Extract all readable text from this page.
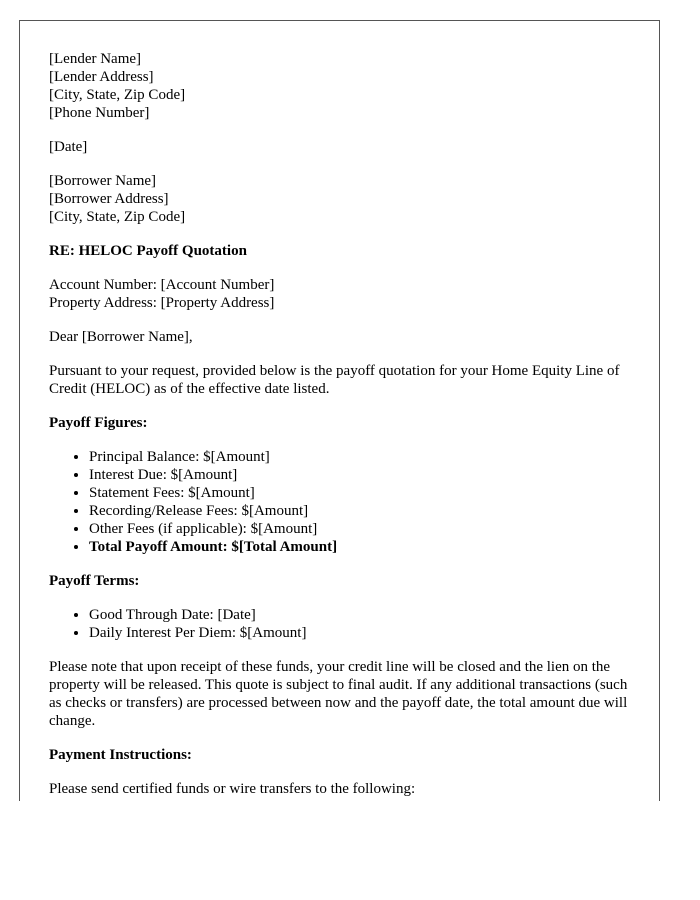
[Lender Name]
[Lender Address]
[City, State, Zip Code]
[Phone Number]
[Date]
[Borrower Name]
[Borrower Address]
[City, State, Zip Code]
RE: HELOC Payoff Quotation
Account Number: [Account Number]
Property Address: [Property Address]

Dear [Borrower Name],

Pursuant to your request, provided below is the payoff quotation for your Home Equity Line of Credit (HELOC) as of the effective date listed.

Payoff Figures:
• Principal Balance: $[Amount]
• Interest Due: $[Amount]
• Statement Fees: $[Amount]
• Recording/Release Fees: $[Amount]
• Other Fees (if applicable): $[Amount]
• Total Payoff Amount: $[Total Amount]
Payoff Terms:
• Good Through Date: [Date]
• Daily Interest Per Diem: $[Amount]

Please note that upon receipt of these funds, your credit line will be closed and the lien on the property will be released. This quote is subject to final audit. If any additional transactions (such as checks or transfers) are processed between now and the payoff date, the total amount due will change.

Payment Instructions:

Please send certified funds or wire transfers to the following:
